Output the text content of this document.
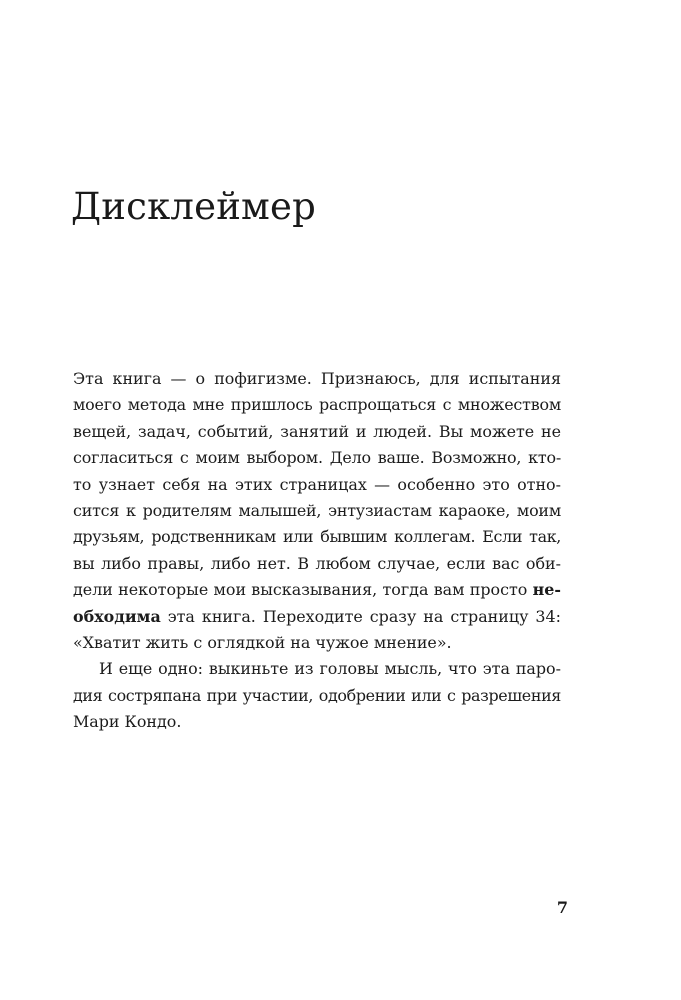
Дисклеймер
Эта книга — о пофигизме. Признаюсь, для испытания
моего метода мне пришлось распрощаться с множеством
вещей, задач, событий, занятий и людей. Вы можете не
согласиться с моим выбором. Дело ваше. Возможно, кто-
то узнает себя на этих страницах — особенно это отно-
сится к родителям малышей, энтузиастам караоке, моим
друзьям, родственникам или бывшим коллегам. Если так,
вы либо правы, либо нет. В любом случае, если вас оби-
дели некоторые мои высказывания, тогда вам просто не-
обходима эта книга. Переходите сразу на страницу 34:
«Хватит жить с оглядкой на чужое мнение».
И еще одно: выкиньте из головы мысль, что эта паро-
дия состряпана при участии, одобрении или с разрешения
Мари Кондо.
7
